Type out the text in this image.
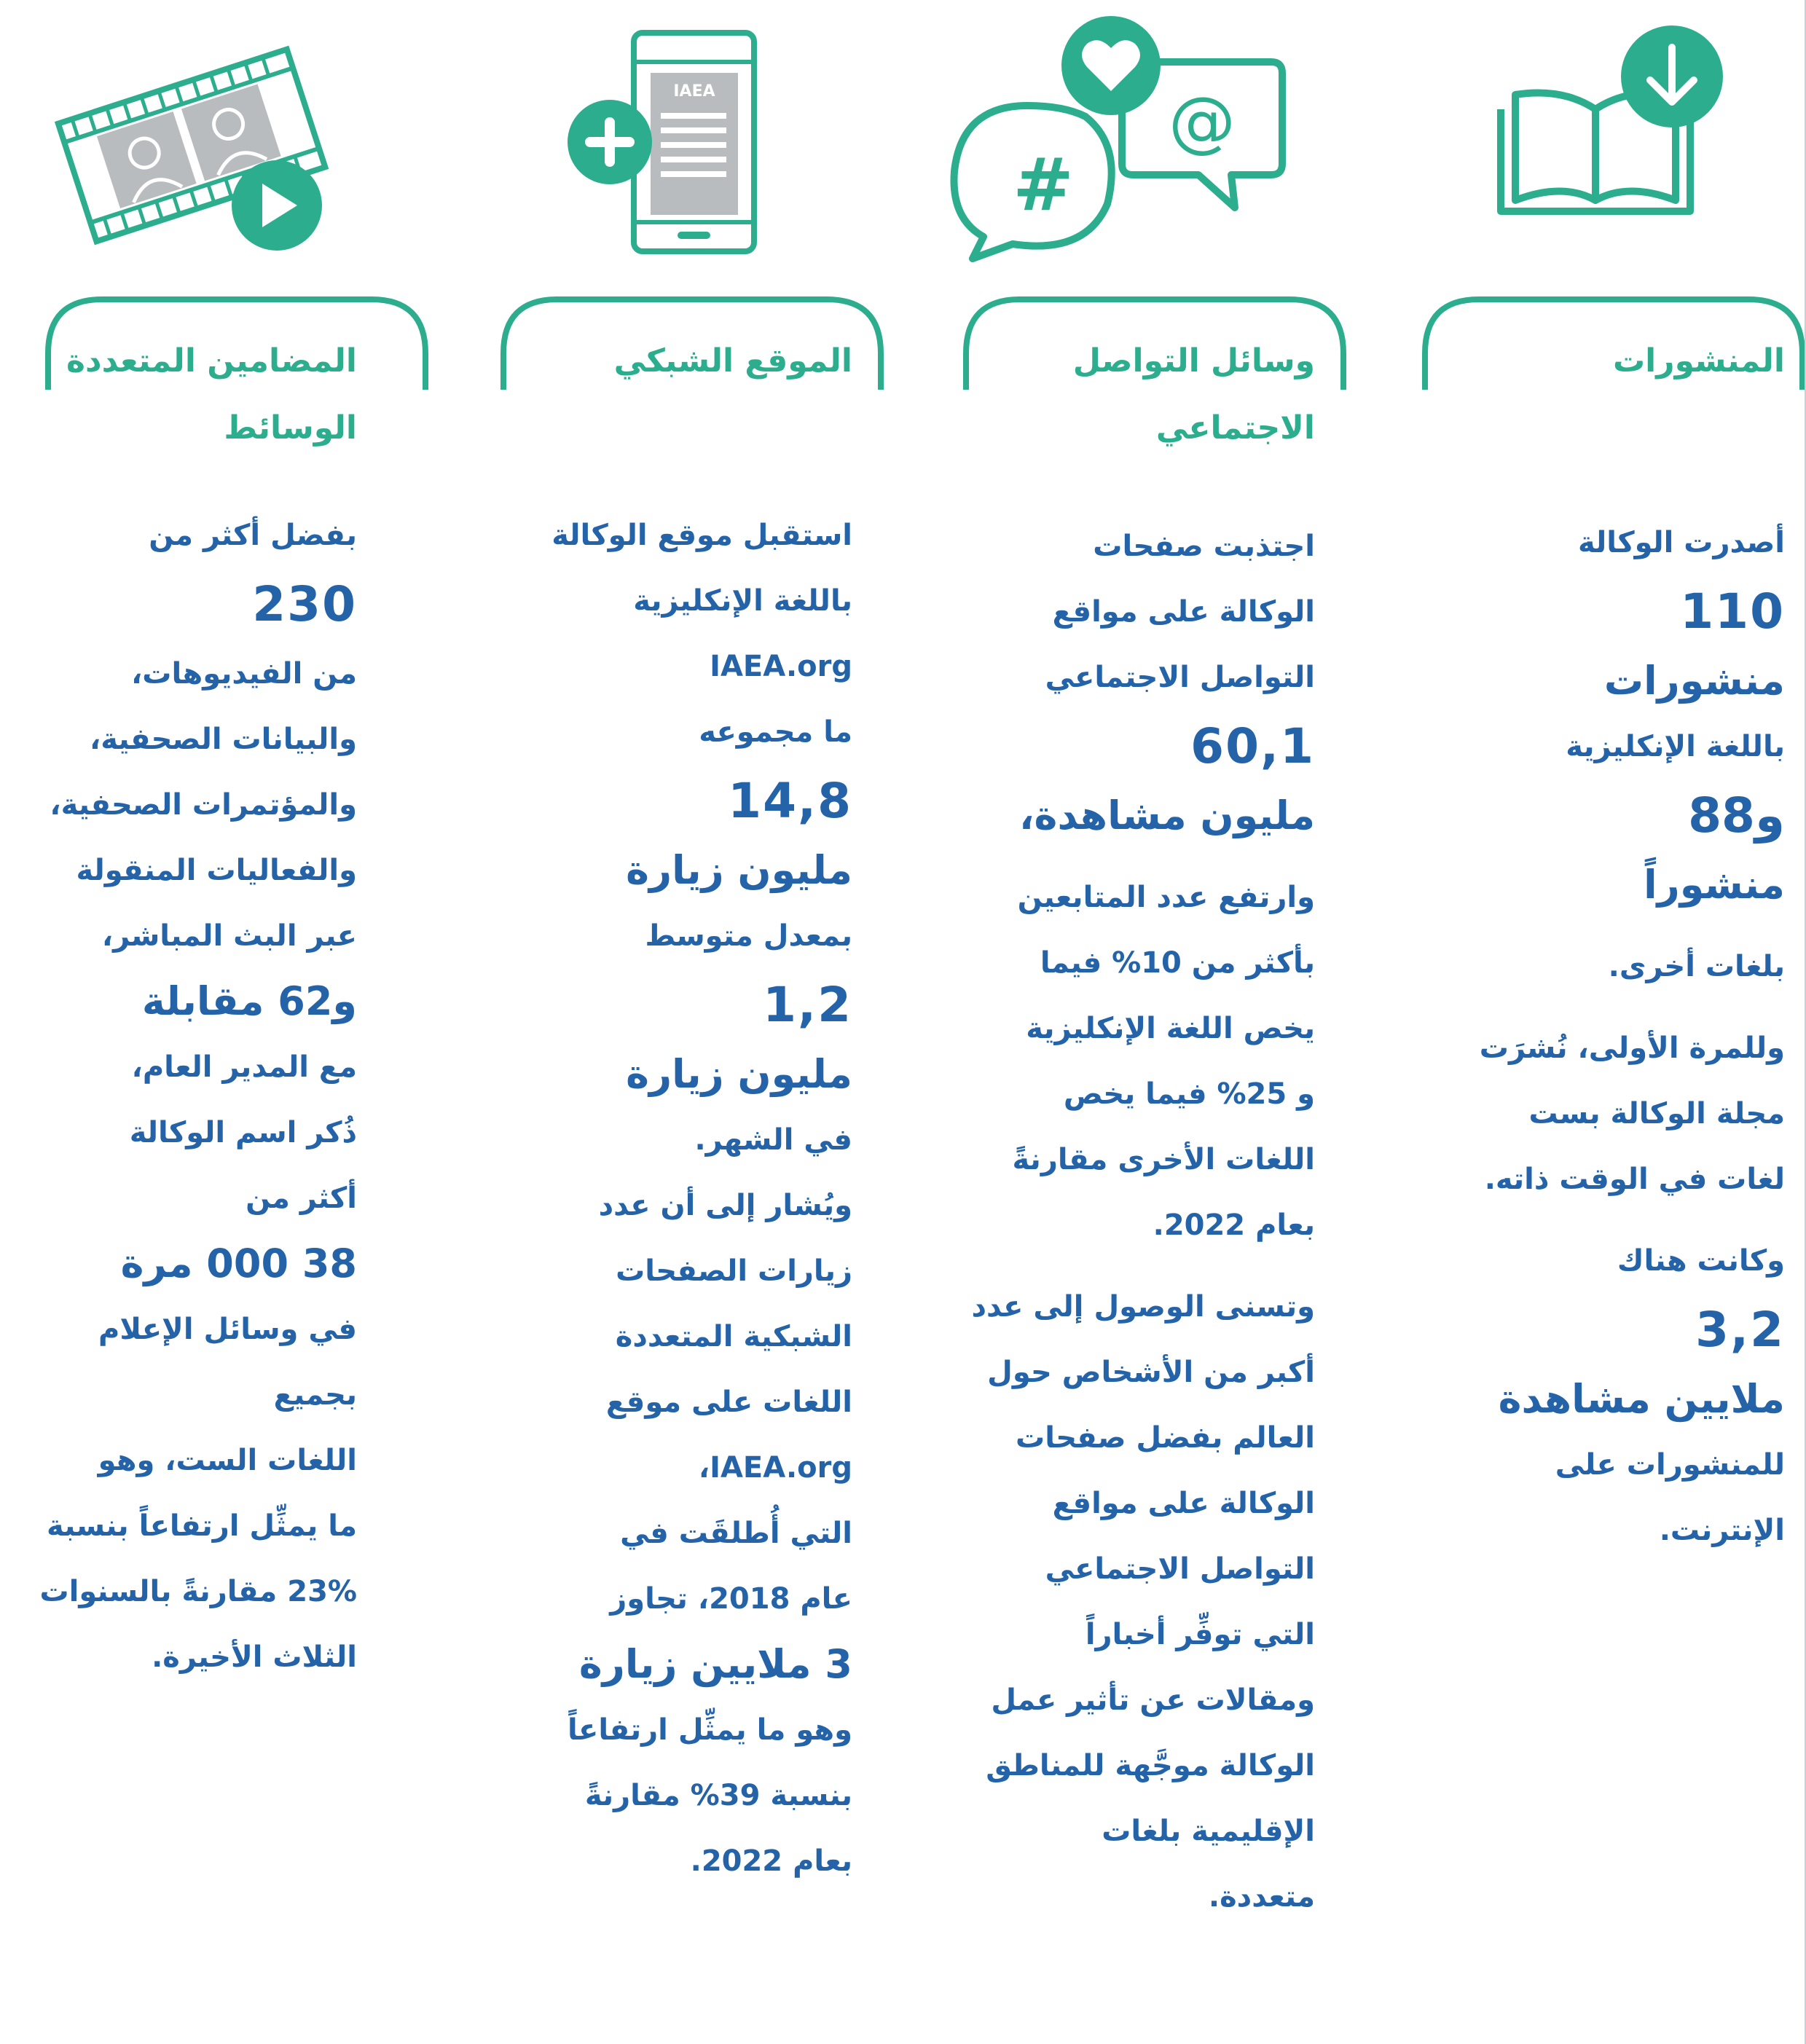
المنشورات
أصدرت الوكالة
110
منشورات
باللغة الإنكليزية
و88
منشوراً
بلغات أخرى.
وللمرة الأولى، نُشرَت
مجلة الوكالة بست
لغات في الوقت ذاته.
وكانت هناك
3,2
ملايين مشاهدة
للمنشورات على
الإنترنت.
#
@
وسائل التواصل
الاجتماعي
اجتذبت صفحات
الوكالة على مواقع
التواصل الاجتماعي
60,1
مليون مشاهدة،
وارتفع عدد المتابعين
بأكثر من 10% فيما
يخص اللغة الإنكليزية
و 25% فيما يخص
اللغات الأخرى مقارنةً
بعام 2022.
وتسنى الوصول إلى عدد
أكبر من الأشخاص حول
العالم بفضل صفحات
الوكالة على مواقع
التواصل الاجتماعي
التي توفِّر أخباراً
ومقالات عن تأثير عمل
الوكالة موجَّهة للمناطق
الإقليمية بلغات
متعددة.
IAEA
الموقع الشبكي
استقبل موقع الوكالة
باللغة الإنكليزية
IAEA.org
ما مجموعه
14,8
مليون زيارة
بمعدل متوسط
1,2
مليون زيارة
في الشهر.
ويُشار إلى أن عدد
زيارات الصفحات
الشبكية المتعددة
اللغات على موقع
IAEA.org،
التي أُطلقَت في
عام 2018، تجاوز
3 ملايين زيارة
وهو ما يمثِّل ارتفاعاً
بنسبة 39% مقارنةً
بعام 2022.
المضامين المتعددة
الوسائط
بفضل أكثر من
230
من الفيديوهات،
والبيانات الصحفية،
والمؤتمرات الصحفية،
والفعاليات المنقولة
عبر البث المباشر،
و62 مقابلة
مع المدير العام،
ذُكر اسم الوكالة
أكثر من
38 000 مرة
في وسائل الإعلام بجميع
اللغات الست، وهو
ما يمثِّل ارتفاعاً بنسبة
23% مقارنةً بالسنوات
الثلاث الأخيرة.
